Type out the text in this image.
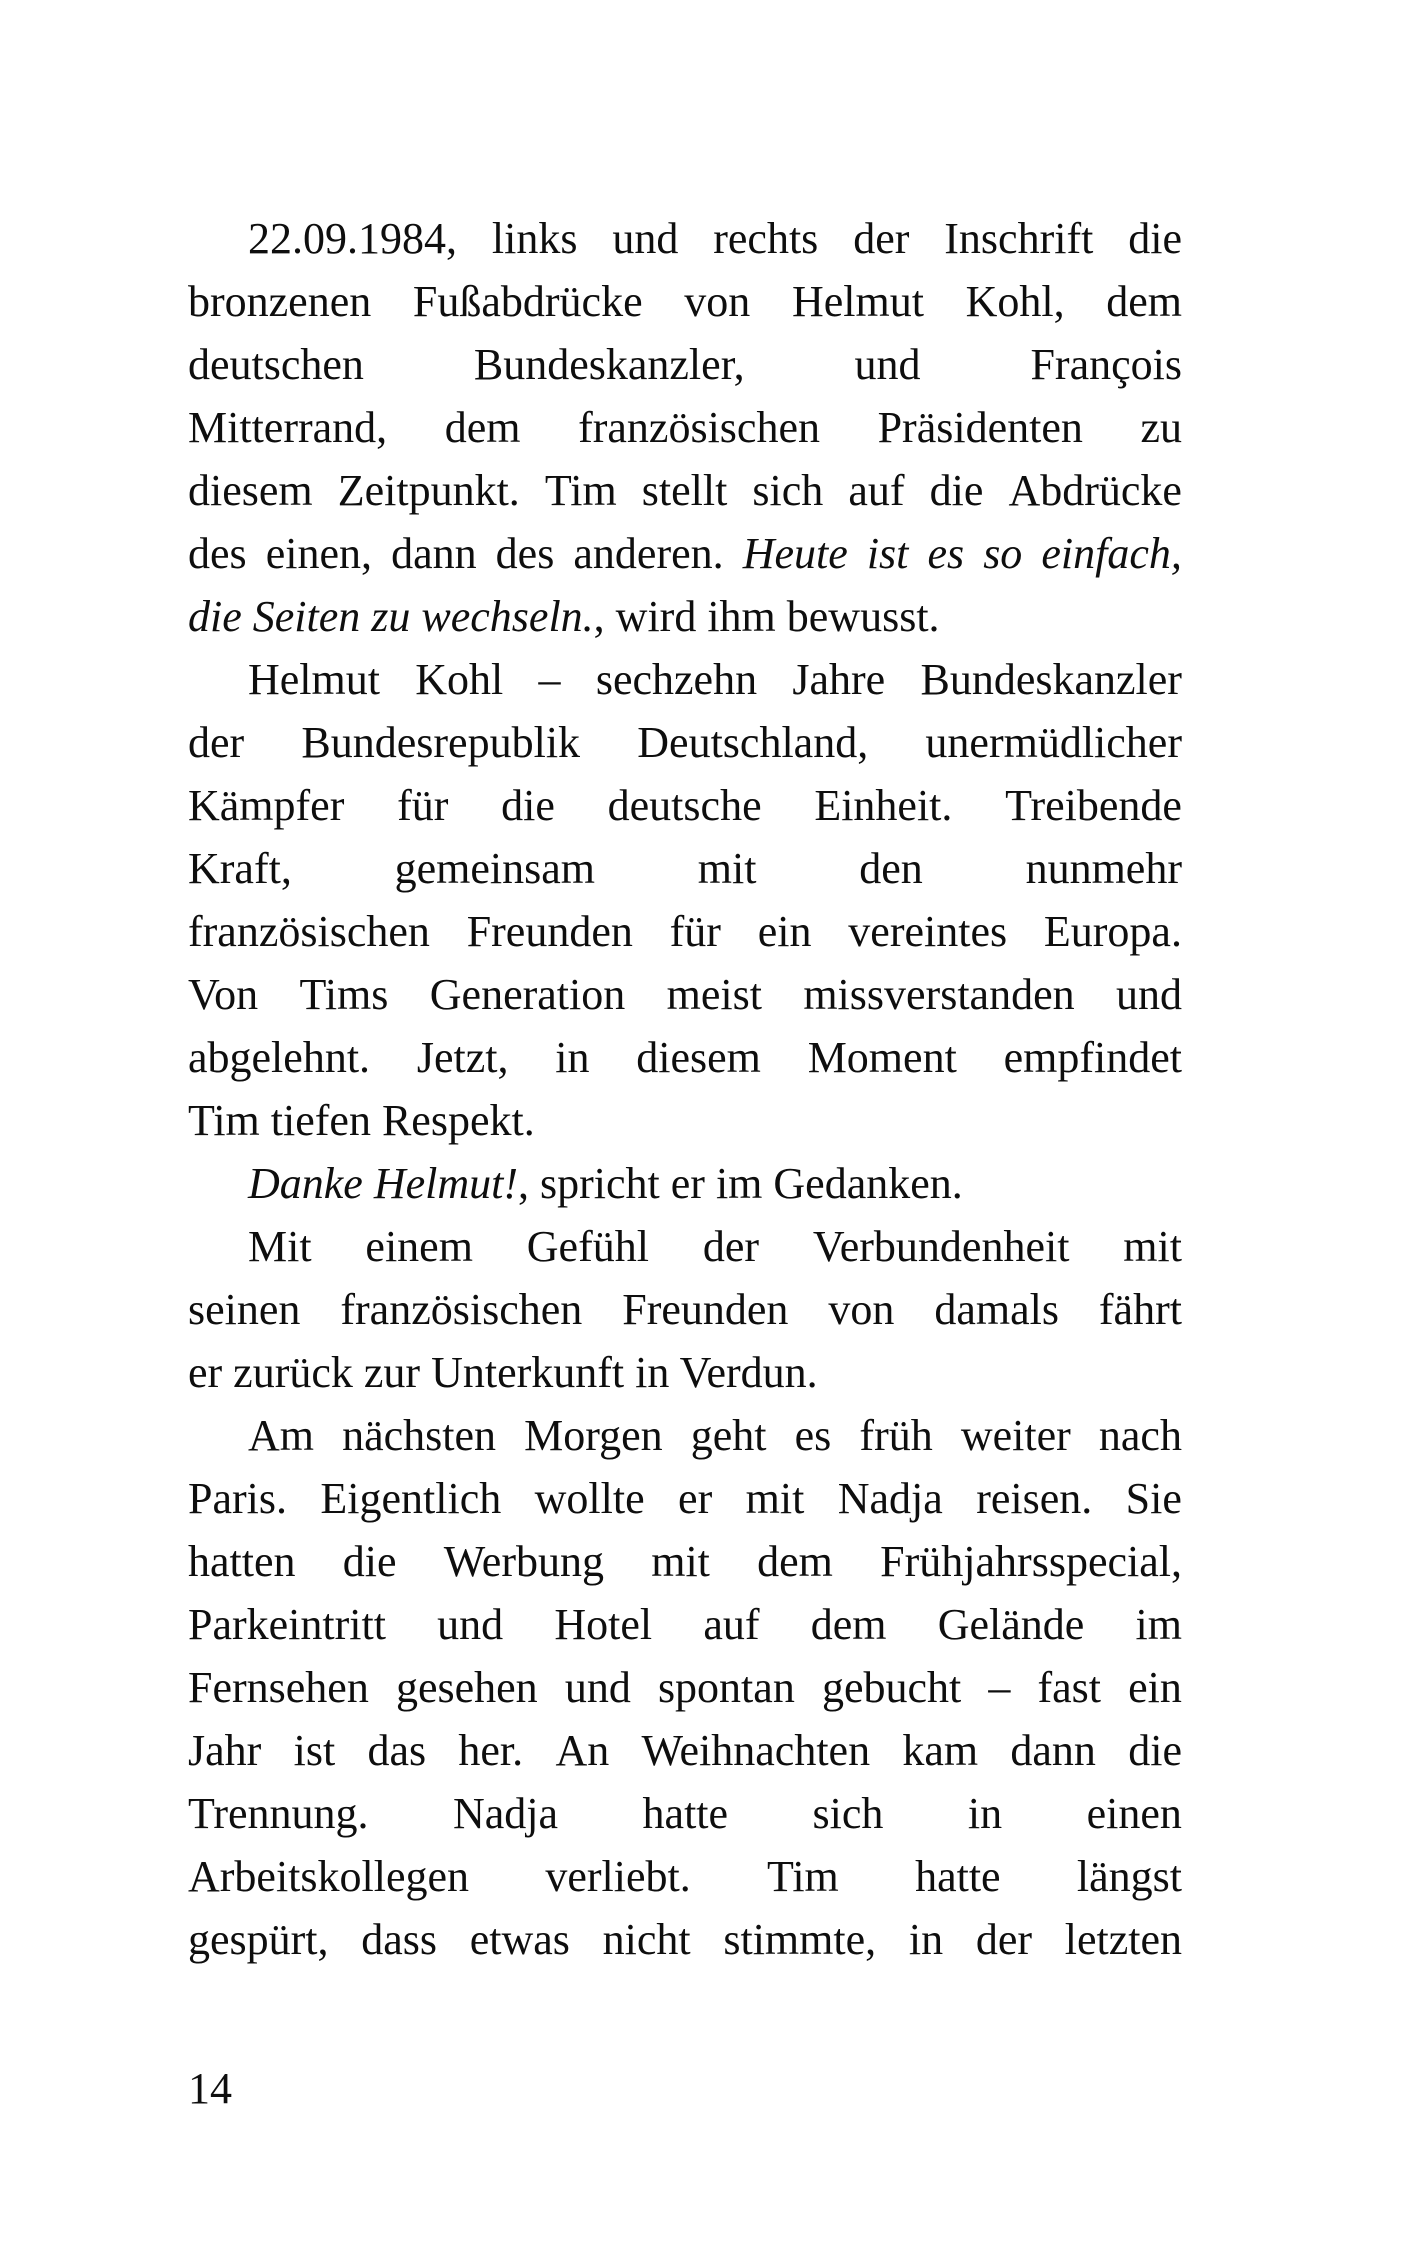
22.09.1984, links und rechts der Inschrift die
bronzenen Fußabdrücke von Helmut Kohl, dem
deutschen Bundeskanzler, und François
Mitterrand, dem französischen Präsidenten zu
diesem Zeitpunkt. Tim stellt sich auf die Abdrücke
des einen, dann des anderen. Heute ist es so einfach,
die Seiten zu wechseln., wird ihm bewusst.
Helmut Kohl – sechzehn Jahre Bundeskanzler
der Bundesrepublik Deutschland, unermüdlicher
Kämpfer für die deutsche Einheit. Treibende
Kraft, gemeinsam mit den nunmehr
französischen Freunden für ein vereintes Europa.
Von Tims Generation meist missverstanden und
abgelehnt. Jetzt, in diesem Moment empfindet
Tim tiefen Respekt.
Danke Helmut!, spricht er im Gedanken.
Mit einem Gefühl der Verbundenheit mit
seinen französischen Freunden von damals fährt
er zurück zur Unterkunft in Verdun.
Am nächsten Morgen geht es früh weiter nach
Paris. Eigentlich wollte er mit Nadja reisen. Sie
hatten die Werbung mit dem Frühjahrsspecial,
Parkeintritt und Hotel auf dem Gelände im
Fernsehen gesehen und spontan gebucht – fast ein
Jahr ist das her. An Weihnachten kam dann die
Trennung. Nadja hatte sich in einen
Arbeitskollegen verliebt. Tim hatte längst
gespürt, dass etwas nicht stimmte, in der letzten
14
